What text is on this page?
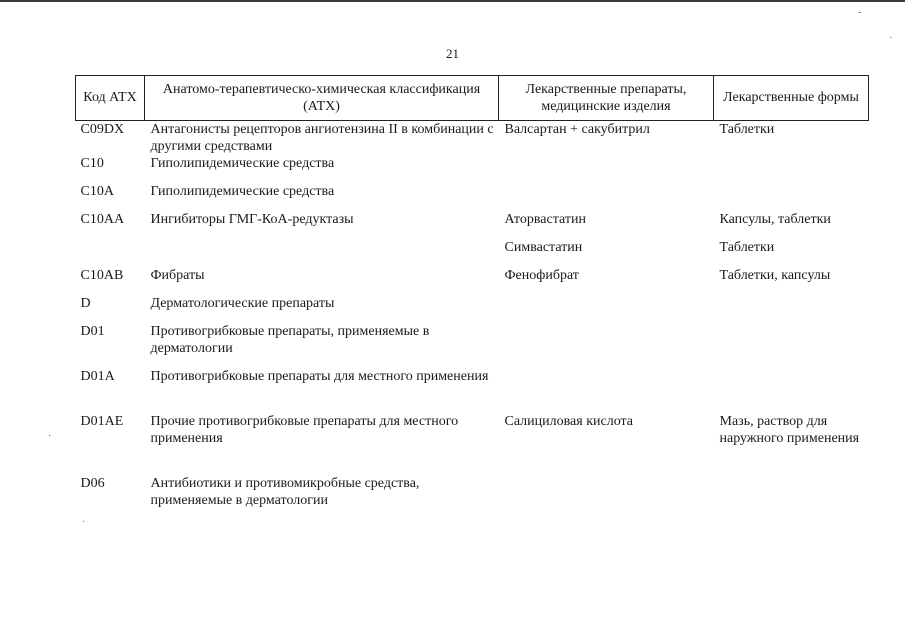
-
·
·
·
21
Код АТХ	Анатомо-терапевтическо-химическая классификация (АТХ)	Лекарственные препараты, медицинские изделия	Лекарственные формы
C09DX	Антагонисты рецепторов ангиотензина II в комбинации с другими средствами	Валсартан + сакубитрил	Таблетки
C10	Гиполипидемические средства		
C10A	Гиполипидемические средства		
C10AA	Ингибиторы ГМГ-КоА-редуктазы	Аторвастатин	Капсулы, таблетки
		Симвастатин	Таблетки
C10AB	Фибраты	Фенофибрат	Таблетки, капсулы
D	Дерматологические препараты		
D01	Противогрибковые препараты, применяемые в дерматологии		
D01A	Противогрибковые препараты для местного применения		
D01AE	Прочие противогрибковые препараты для местного применения	Салициловая кислота	Мазь, раствор для наружного применения
D06	Антибиотики и противомикробные средства, применяемые в дерматологии		
